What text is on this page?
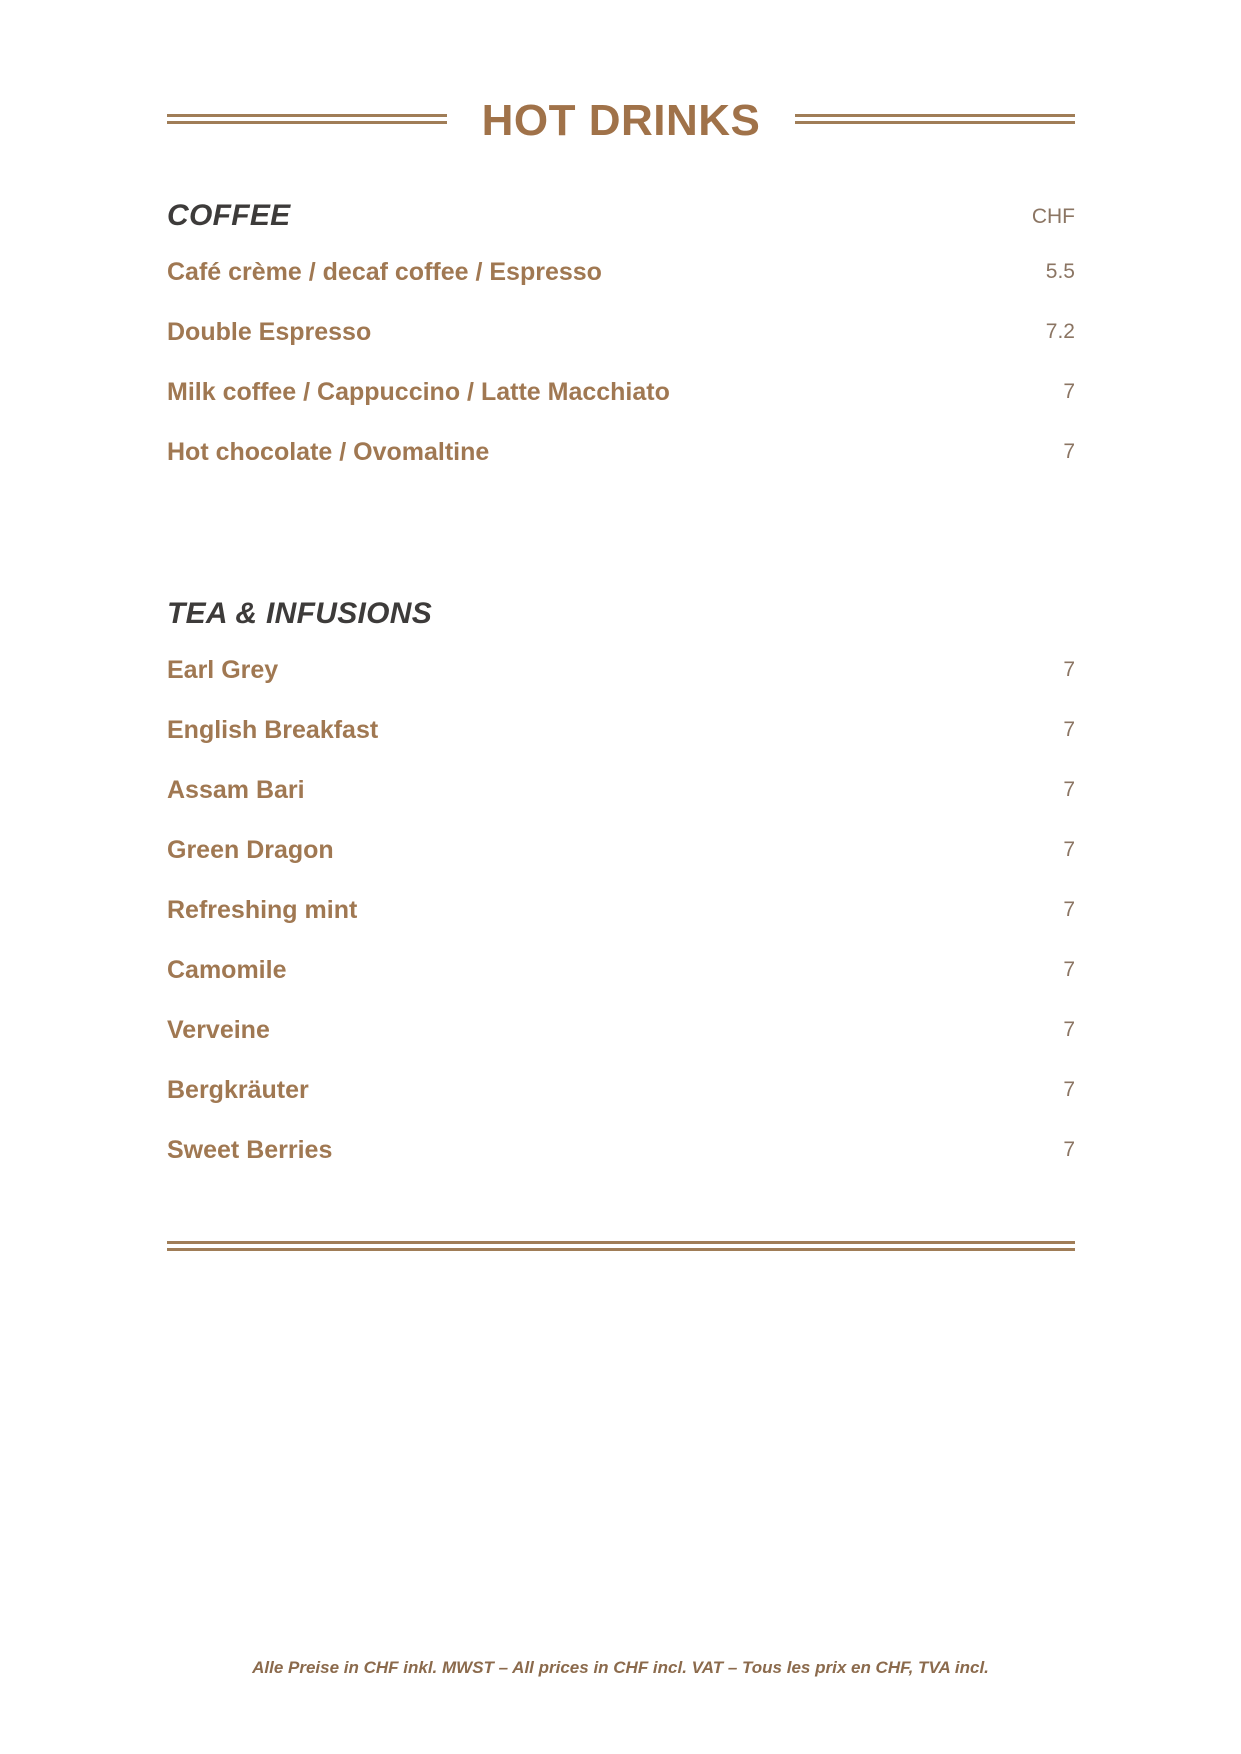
HOT DRINKS
COFFEE	CHF
Café crème / decaf coffee / Espresso	5.5
Double Espresso	7.2
Milk coffee / Cappuccino / Latte Macchiato	7
Hot chocolate / Ovomaltine	7
TEA & INFUSIONS
Earl Grey	7
English Breakfast	7
Assam Bari	7
Green Dragon	7
Refreshing mint	7
Camomile	7
Verveine	7
Bergkräuter	7
Sweet Berries	7
Alle Preise in CHF inkl. MWST – All prices in CHF incl. VAT – Tous les prix en CHF, TVA incl.
